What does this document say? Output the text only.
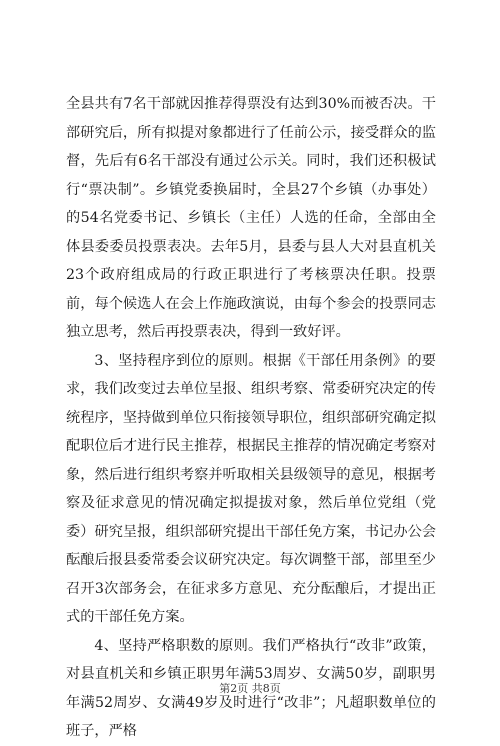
全县共有7名干部就因推荐得票没有达到30%而被否决。干部研究后，所有拟提对象都进行了任前公示，接受群众的监督，先后有6名干部没有通过公示关。同时，我们还积极试行“票决制”。乡镇党委换届时，全县27个乡镇（办事处）的54名党委书记、乡镇长（主任）人选的任命，全部由全体县委委员投票表决。去年5月，县委与县人大对县直机关23个政府组成局的行政正职进行了考核票决任职。投票前，每个候选人在会上作施政演说，由每个参会的投票同志独立思考，然后再投票表决，得到一致好评。

3、坚持程序到位的原则。根据《干部任用条例》的要求，我们改变过去单位呈报、组织考察、常委研究决定的传统程序，坚持做到单位只衔接领导职位，组织部研究确定拟配职位后才进行民主推荐，根据民主推荐的情况确定考察对象，然后进行组织考察并听取相关县级领导的意见，根据考察及征求意见的情况确定拟提拔对象，然后单位党组（党委）研究呈报，组织部研究提出干部任免方案，书记办公会酝酿后报县委常委会议研究决定。每次调整干部，部里至少召开3次部务会，在征求多方意见、充分酝酿后，才提出正式的干部任免方案。

4、坚持严格职数的原则。我们严格执行“改非”政策，对县直机关和乡镇正职男年满53周岁、女满50岁，副职男年满52周岁、女满49岁及时进行“改非”；凡超职数单位的班子，严格

第2页 共8页
